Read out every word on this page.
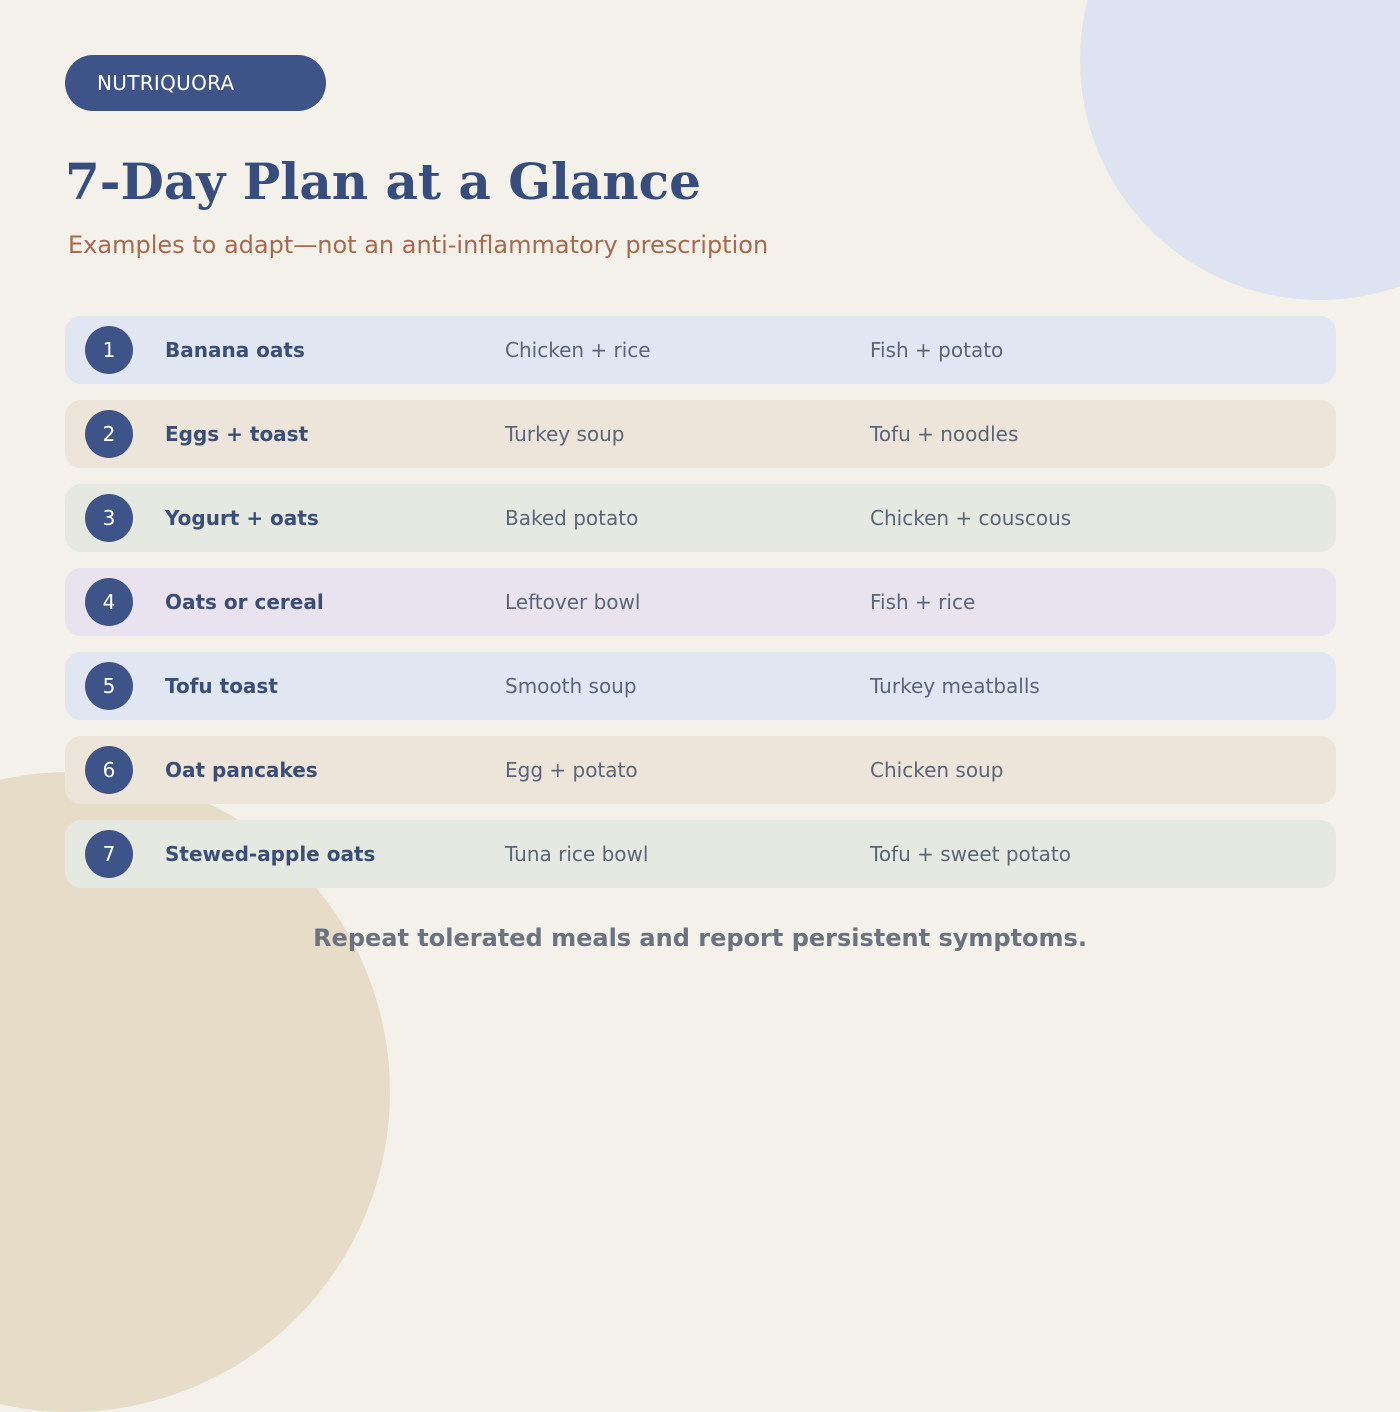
NUTRIQUORA
7-Day Plan at a Glance

Examples to adapt—not an anti-inflammatory prescription

1	Banana oats	Chicken + rice	Fish + potato
2	Eggs + toast	Turkey soup	Tofu + noodles
3	Yogurt + oats	Baked potato	Chicken + couscous
4	Oats or cereal	Leftover bowl	Fish + rice
5	Tofu toast	Smooth soup	Turkey meatballs
6	Oat pancakes	Egg + potato	Chicken soup
7	Stewed-apple oats	Tuna rice bowl	Tofu + sweet potato

Repeat tolerated meals and report persistent symptoms.
